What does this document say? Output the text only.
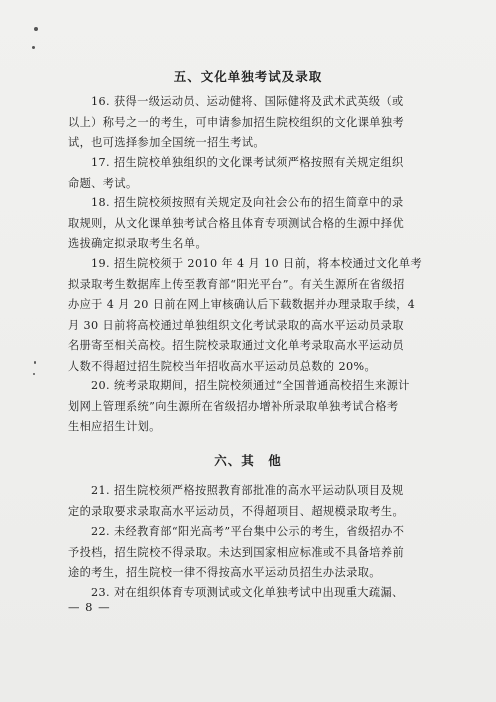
五、文化单独考试及录取
16. 获得一级运动员、运动健将、国际健将及武术武英级（或
以上）称号之一的考生，可申请参加招生院校组织的文化课单独考
试，也可选择参加全国统一招生考试。
17. 招生院校单独组织的文化课考试须严格按照有关规定组织
命题、考试。
18. 招生院校须按照有关规定及向社会公布的招生简章中的录
取规则，从文化课单独考试合格且体育专项测试合格的生源中择优
选拔确定拟录取考生名单。
19. 招生院校须于 2010 年 4 月 10 日前，将本校通过文化单考
拟录取考生数据库上传至教育部“阳光平台”。有关生源所在省级招
办应于 4 月 20 日前在网上审核确认后下载数据并办理录取手续，4
月 30 日前将高校通过单独组织文化考试录取的高水平运动员录取
名册寄至相关高校。招生院校录取通过文化单考录取高水平运动员
人数不得超过招生院校当年招收高水平运动员总数的 20%。
20. 统考录取期间，招生院校须通过“全国普通高校招生来源计
划网上管理系统”向生源所在省级招办增补所录取单独考试合格考
生相应招生计划。
六、其　他
21. 招生院校须严格按照教育部批准的高水平运动队项目及规
定的录取要求录取高水平运动员，不得超项目、超规模录取考生。
22. 未经教育部“阳光高考”平台集中公示的考生，省级招办不
予投档，招生院校不得录取。未达到国家相应标准或不具备培养前
途的考生，招生院校一律不得按高水平运动员招生办法录取。
23. 对在组织体育专项测试或文化单独考试中出现重大疏漏、
— 8 —
